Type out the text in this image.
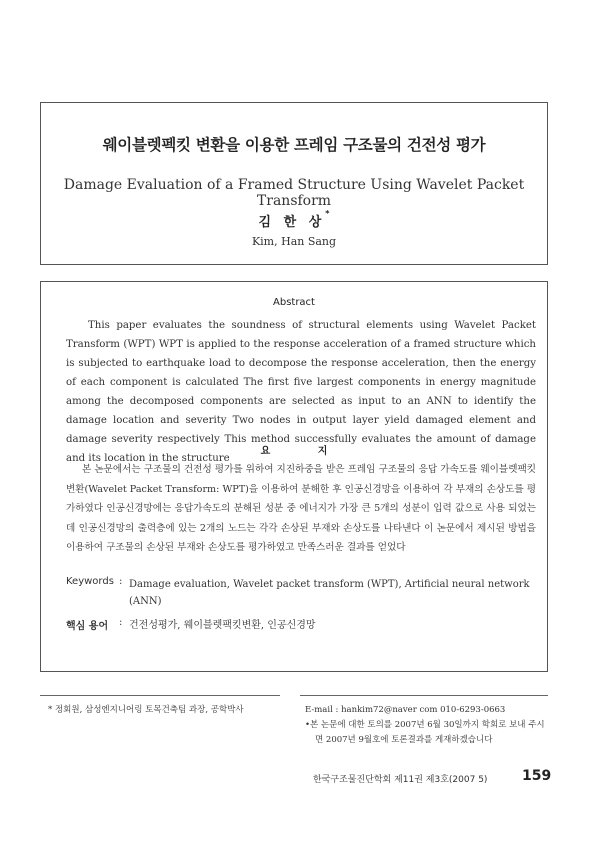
웨이블렛펙킷 변환을 이용한 프레임 구조물의 건전성 평가
Damage Evaluation of a Framed Structure Using Wavelet Packet Transform
김 한 상*
Kim, Han Sang
Abstract

This paper evaluates the soundness of structural elements using Wavelet Packet Transform (WPT) WPT is applied to the response acceleration of a framed structure which is subjected to earthquake load to decompose the response acceleration, then the energy of each component is calculated The first five largest components in energy magnitude among the decomposed components are selected as input to an ANN to identify the damage location and severity Two nodes in output layer yield damaged element and damage severity respectively This method successfully evaluates the amount of damage and its location in the structure

요 지

본 논문에서는 구조물의 건전성 평가를 위하여 지진하중을 받은 프레임 구조물의 응답 가속도를 웨이블렛팩킷 변환(Wavelet Packet Transform: WPT)을 이용하여 분해한 후 인공신경망을 이용하여 각 부재의 손상도를 평가하였다 인공신경망에는 응답가속도의 분해된 성분 중 에너지가 가장 큰 5개의 성분이 입력 값으로 사용 되었는데 인공신경망의 출력층에 있는 2개의 노드는 각각 손상된 부재와 손상도를 나타낸다 이 논문에서 제시된 방법을 이용하여 구조물의 손상된 부재와 손상도를 평가하였고 만족스러운 결과를 얻었다

Keywords : Damage evaluation, Wavelet packet transform (WPT), Artificial neural network (ANN)
핵심 용어 : 건전성평가, 웨이블렛팩킷변환, 인공신경망
* 정회원, 삼성엔지니어링 토목건축팀 과장, 공학박사	E-mail : hankim72@naver com 010-6293-0663
•본 논문에 대한 토의를 2007년 6월 30일까지 학회로 보내 주시면 2007년 9월호에 토론결과를 게재하겠습니다
한국구조물진단학회 제11권 제3호(2007 5) 159
